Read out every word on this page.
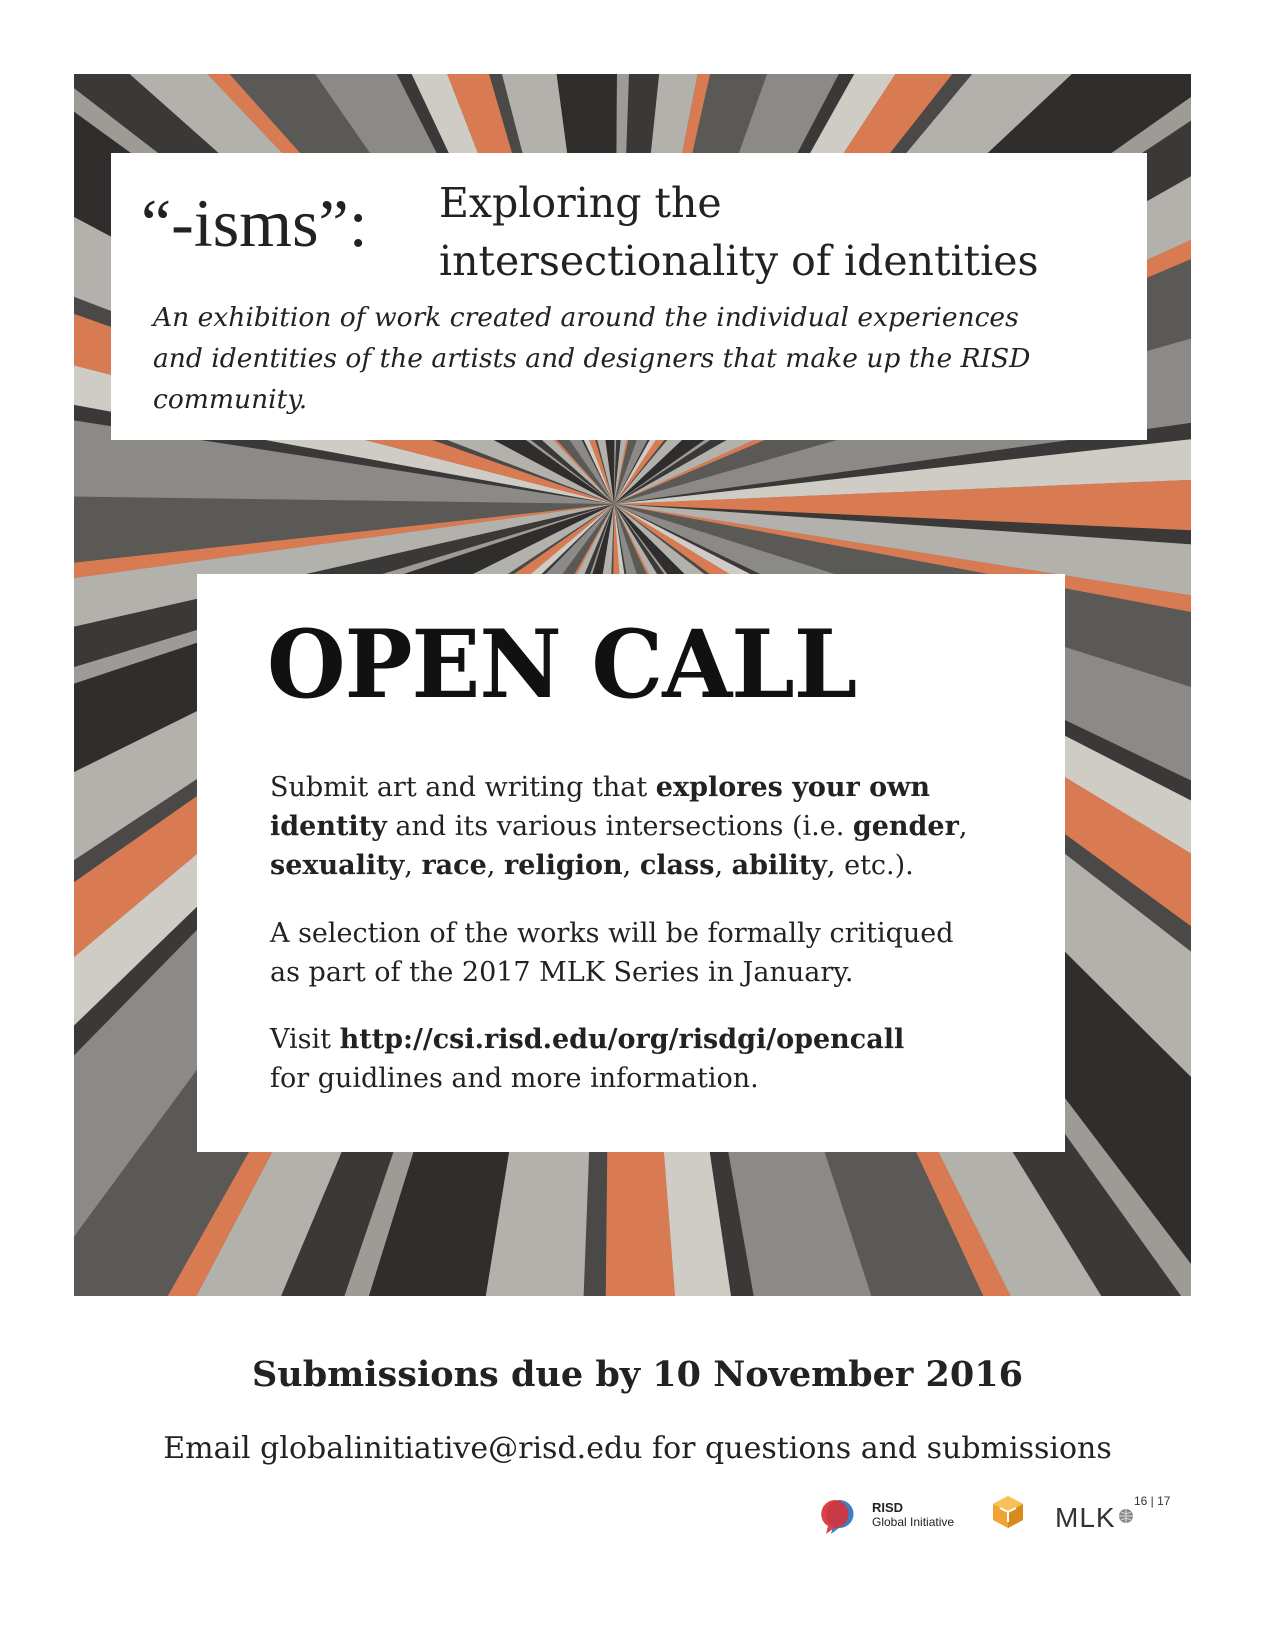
“-isms”: Exploring the
intersectionality of identities
An exhibition of work created around the individual experiences
and identities of the artists and designers that make up the RISD
community.
OPEN CALL
Submit art and writing that explores your own
identity and its various intersections (i.e. gender,
sexuality, race, religion, class, ability, etc.).
A selection of the works will be formally critiqued
as part of the 2017 MLK Series in January.
Visit http://csi.risd.edu/org/risdgi/opencall
for guidlines and more information.
Submissions due by 10 November 2016
Email globalinitiative@risd.edu for questions and submissions
RISD
Global Initiative	MLK
16 | 17
